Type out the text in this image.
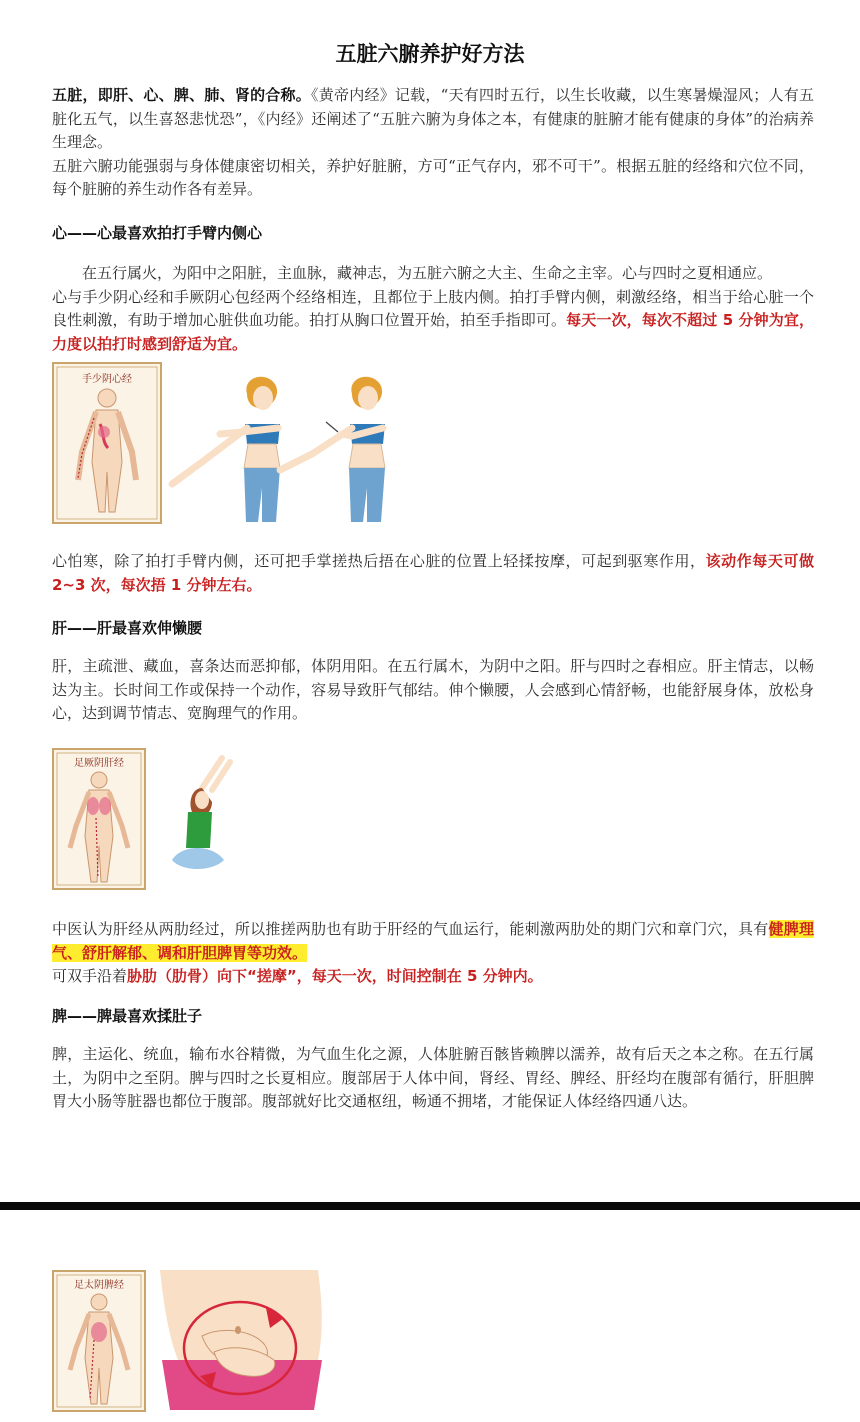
五脏六腑养护好方法

五脏，即肝、心、脾、肺、肾的合称。《黄帝内经》记载，“天有四时五行，以生长收藏，以生寒暑燥湿风；人有五脏化五气，以生喜怒悲忧恐”，《内经》还阐述了“五脏六腑为身体之本，有健康的脏腑才能有健康的身体”的治病养生理念。
五脏六腑功能强弱与身体健康密切相关，养护好脏腑，方可“正气存内，邪不可干”。根据五脏的经络和穴位不同，每个脏腑的养生动作各有差异。

心——心最喜欢拍打手臂内侧心

在五行属火，为阳中之阳脏，主血脉，藏神志，为五脏六腑之大主、生命之主宰。心与四时之夏相通应。心与手少阴心经和手厥阴心包经两个经络相连，且都位于上肢内侧。拍打手臂内侧，刺激经络，相当于给心脏一个良性刺激，有助于增加心脏供血功能。拍打从胸口位置开始，拍至手指即可。每天一次，每次不超过 5 分钟为宜，力度以拍打时感到舒适为宜。

手少阴心经

心怕寒，除了拍打手臂内侧，还可把手掌搓热后捂在心脏的位置上轻揉按摩，可起到驱寒作用，该动作每天可做 2~3 次，每次捂 1 分钟左右。

肝——肝最喜欢伸懒腰

肝，主疏泄、藏血，喜条达而恶抑郁，体阴用阳。在五行属木，为阴中之阳。肝与四时之春相应。肝主情志，以畅达为主。长时间工作或保持一个动作，容易导致肝气郁结。伸个懒腰，人会感到心情舒畅，也能舒展身体，放松身心，达到调节情志、宽胸理气的作用。

足厥阴肝经

中医认为肝经从两肋经过，所以推搓两肋也有助于肝经的气血运行，能刺激两肋处的期门穴和章门穴，具有健脾理气、舒肝解郁、调和肝胆脾胃等功效。
可双手沿着胁肋（肋骨）向下“搓摩”，每天一次，时间控制在 5 分钟内。

脾——脾最喜欢揉肚子

脾，主运化、统血，输布水谷精微，为气血生化之源，人体脏腑百骸皆赖脾以濡养，故有后天之本之称。在五行属土，为阴中之至阴。脾与四时之长夏相应。腹部居于人体中间，肾经、胃经、脾经、肝经均在腹部有循行，肝胆脾胃大小肠等脏器也都位于腹部。腹部就好比交通枢纽，畅通不拥堵，才能保证人体经络四通八达。

足太阴脾经
